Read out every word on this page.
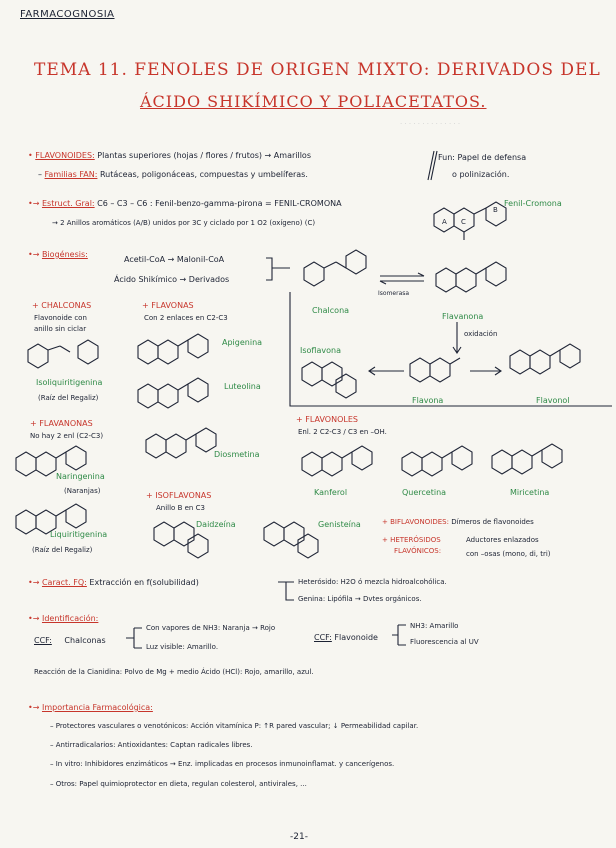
FARMACOGNOSIA
· · · · · · · · · · · · · ·
TEMA 11. FENOLES DE ORIGEN MIXTO: DERIVADOS DEL
ÁCIDO SHIKÍMICO Y POLIACETATOS.
• FLAVONOIDES: Plantas superiores (hojas / flores / frutos) → Amarillos
– Familias FAN: Rutáceas, poligonáceas, compuestas y umbelíferas.
Fun: Papel de defensa
o polinización.
•→ Estruct. Gral: C6 – C3 – C6 : Fenil-benzo-gamma-pirona = FENIL-CROMONA
→ 2 Anillos aromáticos (A/B) unidos por 3C y ciclado por 1 O2 (oxígeno) (C)
Fenil-Cromona
A C
B
•→ Biogénesis:
Acetil-CoA → Malonil-CoA
Ácido Shikímico → Derivados
Chalcona
Isomerasa
Flavanona
oxidación
Isoflavona
Flavona	Flavonol
+ CHALCONAS
Flavonoide con
anillo sin ciclar
Isoliquiritigenina
(Raíz del Regaliz)
+ FLAVONAS
Con 2 enlaces en C2-C3
Apigenina
Luteolina
Diosmetina
+ FLAVANONAS
No hay 2 enl (C2-C3)
Naringenina
(Naranjas)
Liquiritigenina
(Raíz del Regaliz)
+ ISOFLAVONAS
Anillo B en C3
Daidzeína	Genisteína
+ FLAVONOLES
Enl. 2 C2-C3 / C3 en –OH.
Kanferol	Quercetina	Miricetina
+ BIFLAVONOIDES: Dímeros de flavonoides
+ HETERÓSIDOS
FLAVÓNICOS:
Aductores enlazados
con –osas (mono, di, tri)
•→ Caract. FQ: Extracción en f(solubilidad)	Heterósido: H2O ó mezcla hidroalcohólica.
Genina: Lipófila → Dvtes orgánicos.
•→ Identificación:
CCF: Chalconas
Con vapores de NH3: Naranja → Rojo
Luz visible: Amarillo.
CCF: Flavonoide
NH3: Amarillo
Fluorescencia al UV
Reacción de la Cianidina: Polvo de Mg + medio Ácido (HCl): Rojo, amarillo, azul.
•→ Importancia Farmacológica:
– Protectores vasculares o venotónicos: Acción vitamínica P: ↑R pared vascular; ↓ Permeabilidad capilar.
– Antirradicalarios: Antioxidantes: Captan radicales libres.
– In vitro: Inhibidores enzimáticos → Enz. implicadas en procesos inmunoinflamat. y cancerígenos.
– Otros: Papel quimioprotector en dieta, regulan colesterol, antivirales, ...
-21-
